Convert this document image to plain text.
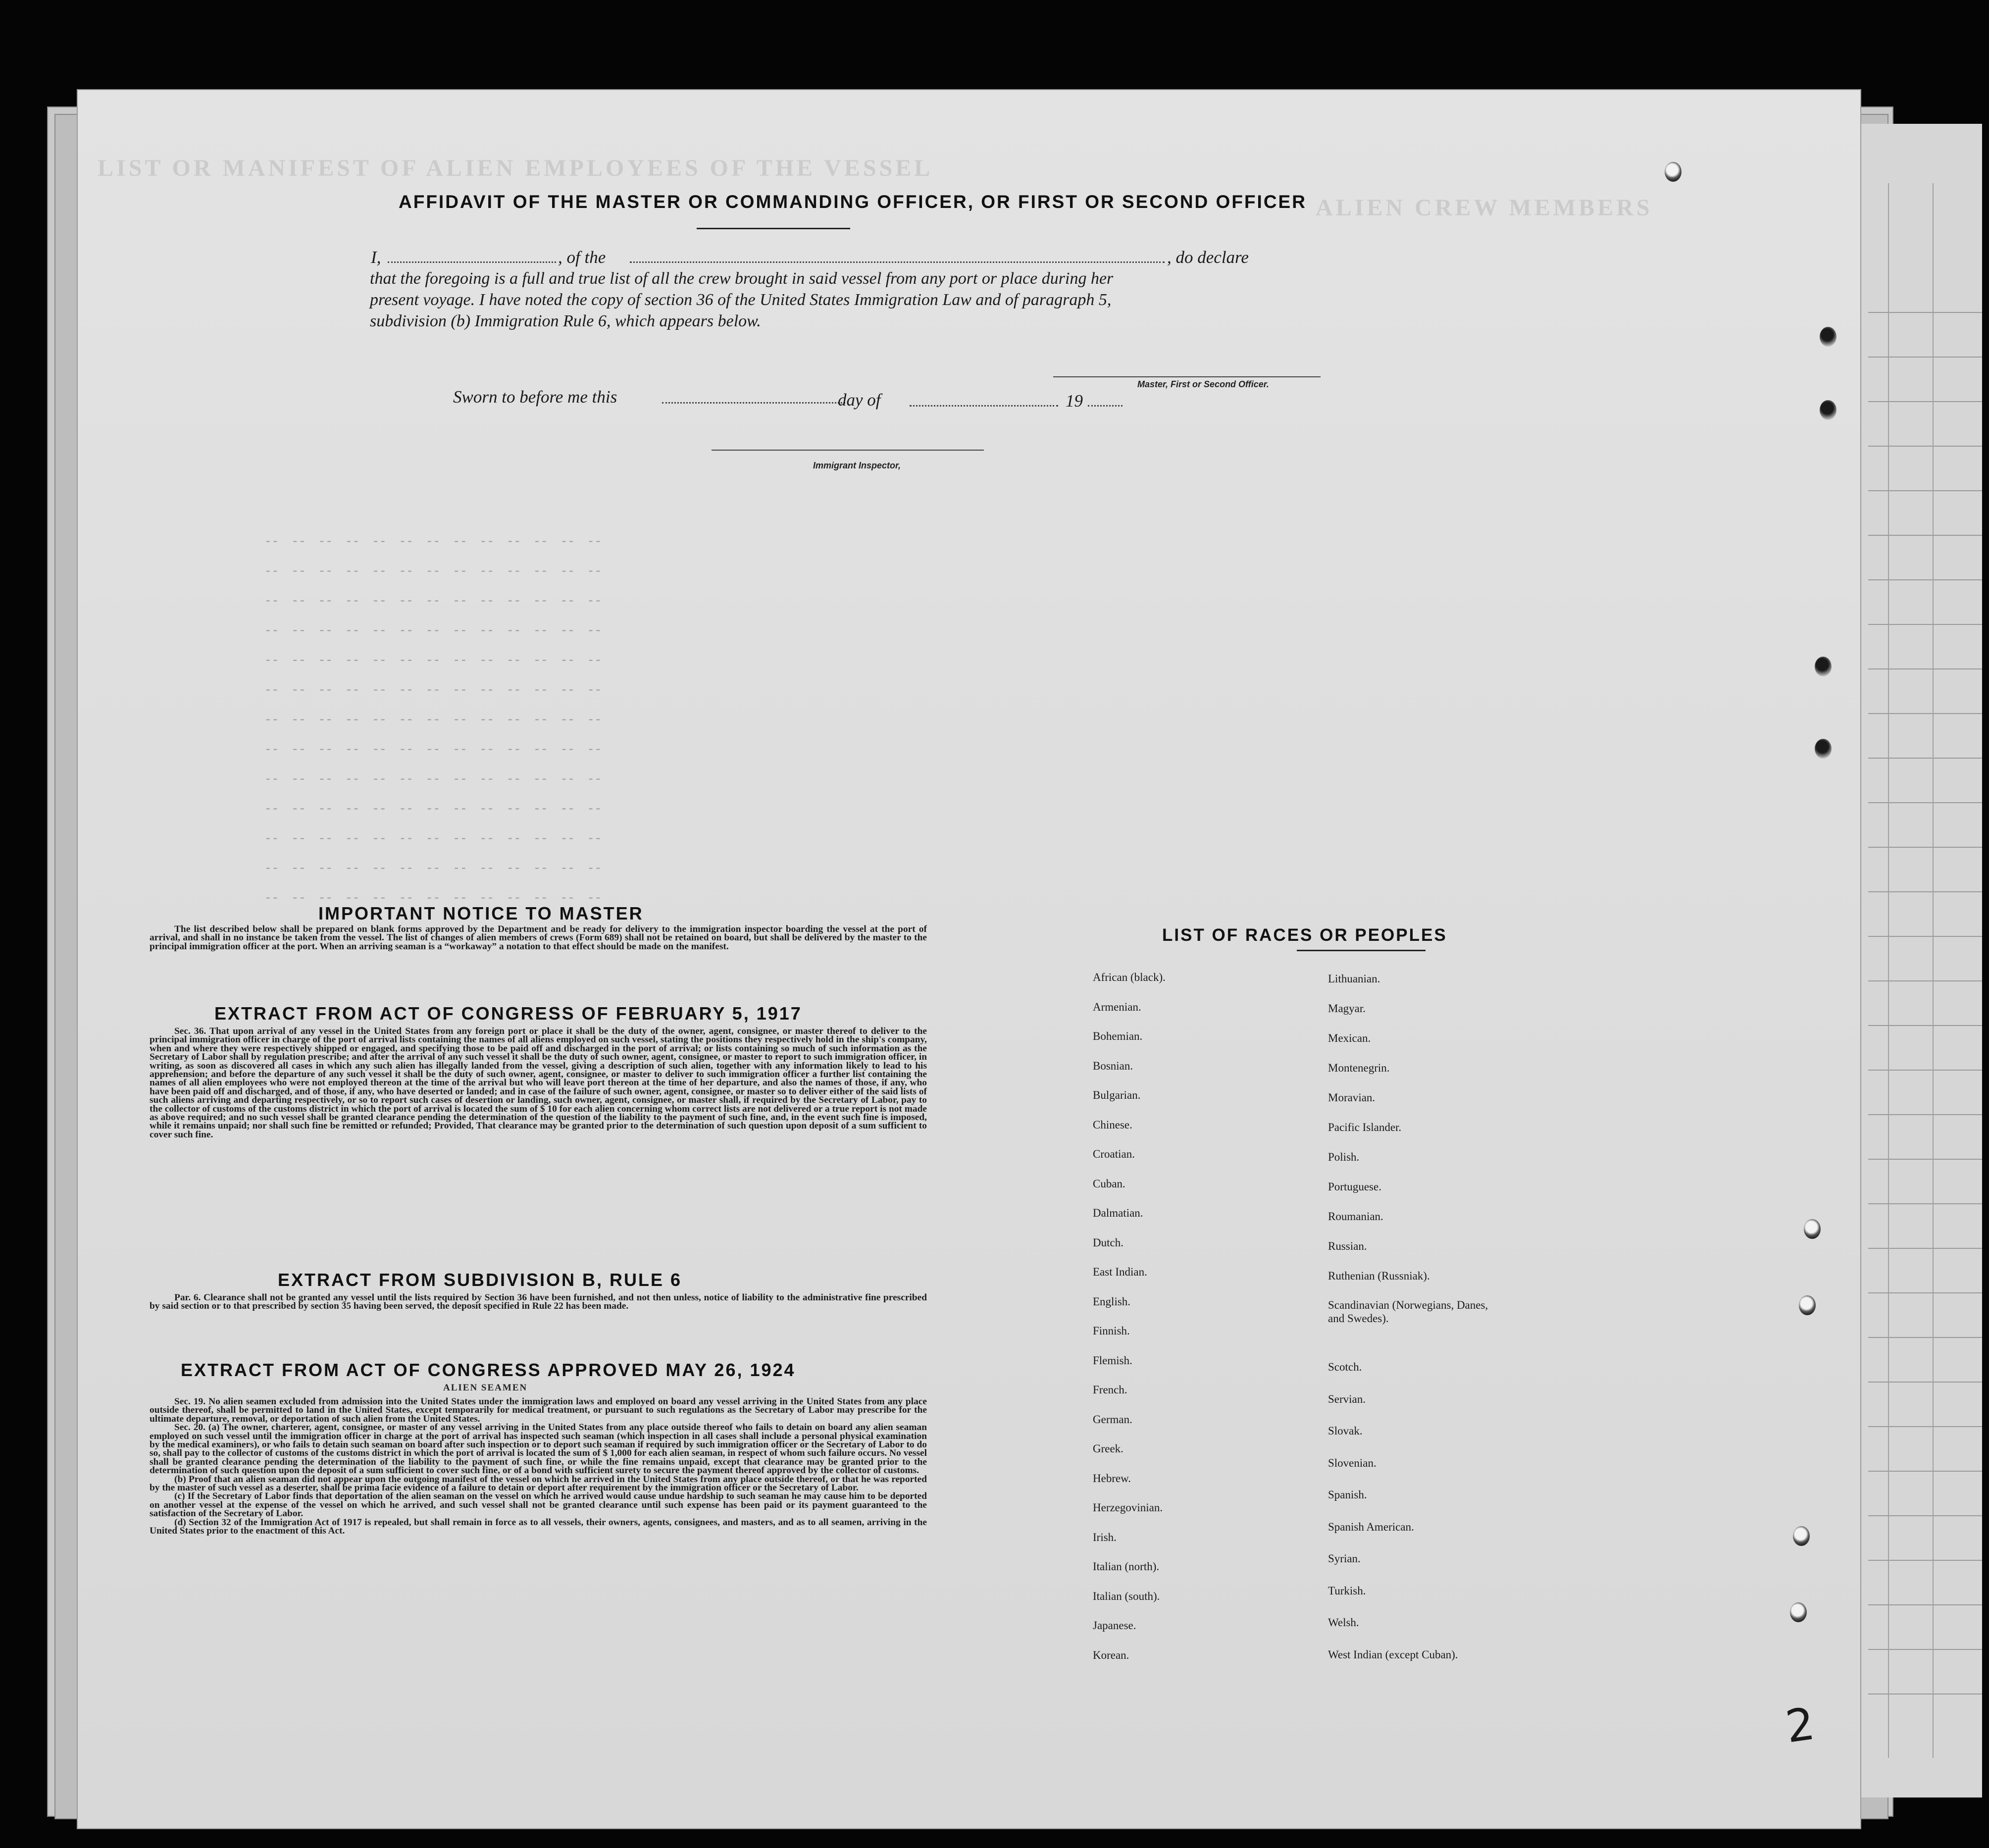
LIST OR MANIFEST OF ALIEN EMPLOYEES OF THE VESSEL
ALIEN CREW MEMBERS
AFFIDAVIT OF THE MASTER OR COMMANDING OFFICER, OR FIRST OR SECOND OFFICER
I,	, of the	, do declare
that the foregoing is a full and true list of all the crew brought in said vessel from any port or place during her
present voyage. I have noted the copy of section 36 of the United States Immigration Law and of paragraph 5,
subdivision (b) Immigration Rule 6, which appears below.
Master, First or Second Officer.
Sworn to before me this	day of	19
Immigrant Inspector,
--  --  --  --  --  --  --  --  --  --  --  --  --
--  --  --  --  --  --  --  --  --  --  --  --  --
--  --  --  --  --  --  --  --  --  --  --  --  --
--  --  --  --  --  --  --  --  --  --  --  --  --
--  --  --  --  --  --  --  --  --  --  --  --  --
--  --  --  --  --  --  --  --  --  --  --  --  --
--  --  --  --  --  --  --  --  --  --  --  --  --
--  --  --  --  --  --  --  --  --  --  --  --  --
--  --  --  --  --  --  --  --  --  --  --  --  --
--  --  --  --  --  --  --  --  --  --  --  --  --
--  --  --  --  --  --  --  --  --  --  --  --  --
--  --  --  --  --  --  --  --  --  --  --  --  --
--  --  --  --  --  --  --  --  --  --  --  --  --
IMPORTANT NOTICE TO MASTER

The list described below shall be prepared on blank forms approved by the Department and be ready for delivery to the immigration inspector boarding the vessel at the port of arrival, and shall in no instance be taken from the vessel. The list of changes of alien members of crews (Form 689) shall not be retained on board, but shall be delivered by the master to the principal immigration officer at the port. When an arriving seaman is a “workaway” a notation to that effect should be made on the manifest.

EXTRACT FROM ACT OF CONGRESS OF FEBRUARY 5, 1917

Sec. 36. That upon arrival of any vessel in the United States from any foreign port or place it shall be the duty of the owner, agent, consignee, or master thereof to deliver to the principal immigration officer in charge of the port of arrival lists containing the names of all aliens employed on such vessel, stating the positions they respectively hold in the ship's company, when and where they were respectively shipped or engaged, and specifying those to be paid off and discharged in the port of arrival; or lists containing so much of such information as the Secretary of Labor shall by regulation prescribe; and after the arrival of any such vessel it shall be the duty of such owner, agent, consignee, or master to report to such immigration officer, in writing, as soon as discovered all cases in which any such alien has illegally landed from the vessel, giving a description of such alien, together with any information likely to lead to his apprehension; and before the departure of any such vessel it shall be the duty of such owner, agent, consignee, or master to deliver to such immigration officer a further list containing the names of all alien employees who were not employed thereon at the time of the arrival but who will leave port thereon at the time of her departure, and also the names of those, if any, who have been paid off and discharged, and of those, if any, who have deserted or landed; and in case of the failure of such owner, agent, consignee, or master so to deliver either of the said lists of such aliens arriving and departing respectively, or so to report such cases of desertion or landing, such owner, agent, consignee, or master shall, if required by the Secretary of Labor, pay to the collector of customs of the customs district in which the port of arrival is located the sum of $ 10 for each alien concerning whom correct lists are not delivered or a true report is not made as above required; and no such vessel shall be granted clearance pending the determination of the question of the liability to the payment of such fine, and, in the event such fine is imposed, while it remains unpaid; nor shall such fine be remitted or refunded; Provided, That clearance may be granted prior to the determination of such question upon deposit of a sum sufficient to cover such fine.

EXTRACT FROM SUBDIVISION B, RULE 6

Par. 6. Clearance shall not be granted any vessel until the lists required by Section 36 have been furnished, and not then unless, notice of liability to the administrative fine prescribed by said section or to that prescribed by section 35 having been served, the deposit specified in Rule 22 has been made.

EXTRACT FROM ACT OF CONGRESS APPROVED MAY 26, 1924
ALIEN SEAMEN

Sec. 19. No alien seamen excluded from admission into the United States under the immigration laws and employed on board any vessel arriving in the United States from any place outside thereof, shall be permitted to land in the United States, except temporarily for medical treatment, or pursuant to such regulations as the Secretary of Labor may prescribe for the ultimate departure, removal, or deportation of such alien from the United States.

Sec. 20. (a) The owner, charterer, agent, consignee, or master of any vessel arriving in the United States from any place outside thereof who fails to detain on board any alien seaman employed on such vessel until the immigration officer in charge at the port of arrival has inspected such seaman (which inspection in all cases shall include a personal physical examination by the medical examiners), or who fails to detain such seaman on board after such inspection or to deport such seaman if required by such immigration officer or the Secretary of Labor to do so, shall pay to the collector of customs of the customs district in which the port of arrival is located the sum of $ 1,000 for each alien seaman, in respect of whom such failure occurs. No vessel shall be granted clearance pending the determination of the liability to the payment of such fine, or while the fine remains unpaid, except that clearance may be granted prior to the determination of such question upon the deposit of a sum sufficient to cover such fine, or of a bond with sufficient surety to secure the payment thereof approved by the collector of customs.

(b) Proof that an alien seaman did not appear upon the outgoing manifest of the vessel on which he arrived in the United States from any place outside thereof, or that he was reported by the master of such vessel as a deserter, shall be prima facie evidence of a failure to detain or deport after requirement by the immigration officer or the Secretary of Labor.

(c) If the Secretary of Labor finds that deportation of the alien seaman on the vessel on which he arrived would cause undue hardship to such seaman he may cause him to be deported on another vessel at the expense of the vessel on which he arrived, and such vessel shall not be granted clearance until such expense has been paid or its payment guaranteed to the satisfaction of the Secretary of Labor.

(d) Section 32 of the Immigration Act of 1917 is repealed, but shall remain in force as to all vessels, their owners, agents, consignees, and masters, and as to all seamen, arriving in the United States prior to the enactment of this Act.

LIST OF RACES OR PEOPLES
African (black).
Armenian.
Bohemian.
Bosnian.
Bulgarian.
Chinese.
Croatian.
Cuban.
Dalmatian.
Dutch.
East Indian.
English.
Finnish.
Flemish.
French.
German.
Greek.
Hebrew.
Herzegovinian.
Irish.
Italian (north).
Italian (south).
Japanese.
Korean.
Lithuanian.
Magyar.
Mexican.
Montenegrin.
Moravian.
Pacific Islander.
Polish.
Portuguese.
Roumanian.
Russian.
Ruthenian (Russniak).
Scandinavian (Norwegians, Danes, and Swedes).
Scotch.
Servian.
Slovak.
Slovenian.
Spanish.
Spanish American.
Syrian.
Turkish.
Welsh.
West Indian (except Cuban).
2
